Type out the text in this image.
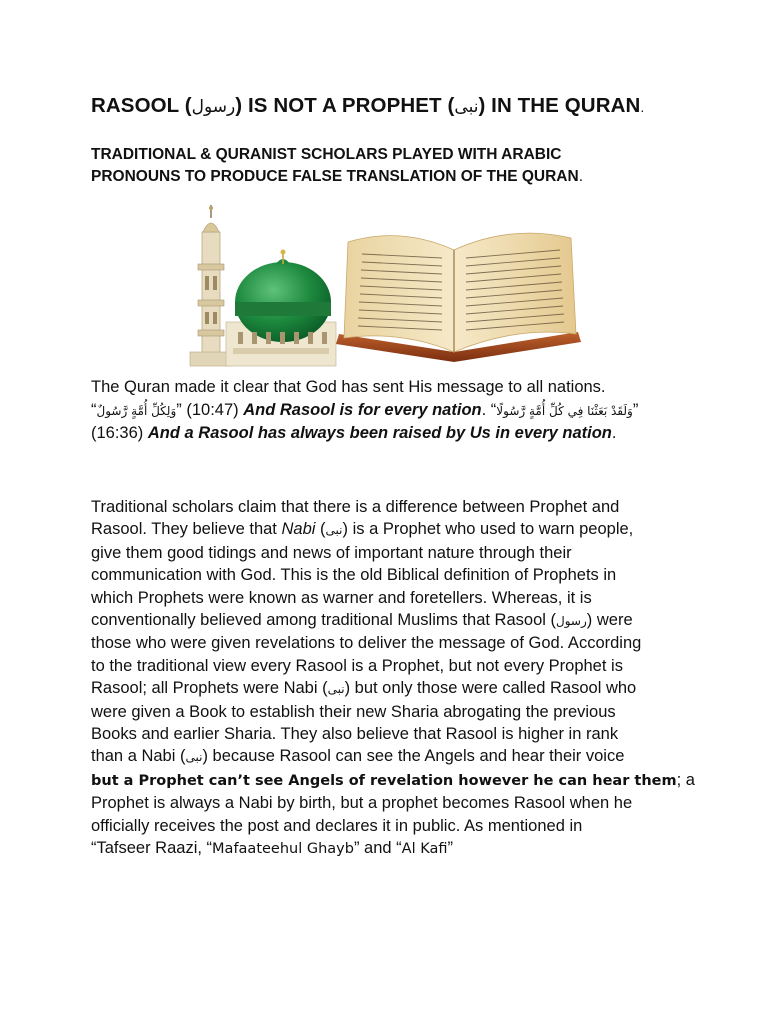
RASOOL (رسول) IS NOT A PROPHET (نبی) IN THE QURAN.
TRADITIONAL & QURANIST SCHOLARS PLAYED WITH ARABIC
PRONOUNS TO PRODUCE FALSE TRANSLATION OF THE QURAN.
The Quran made it clear that God has sent His message to all nations.
“وَلِكُلِّ أُمَّةٍ رَّسُولٌ” (10:47) And Rasool is for every nation. “وَلَقَدْ بَعَثْنَا فِي كُلِّ أُمَّةٍ رَّسُولًا”
(16:36) And a Rasool has always been raised by Us in every nation.
Traditional scholars claim that there is a difference between Prophet and
Rasool. They believe that Nabi (نبی) is a Prophet who used to warn people,
give them good tidings and news of important nature through their
communication with God. This is the old Biblical definition of Prophets in
which Prophets were known as warner and foretellers. Whereas, it is
conventionally believed among traditional Muslims that Rasool (رسول) were
those who were given revelations to deliver the message of God. According
to the traditional view every Rasool is a Prophet, but not every Prophet is
Rasool; all Prophets were Nabi (نبی) but only those were called Rasool who
were given a Book to establish their new Sharia abrogating the previous
Books and earlier Sharia. They also believe that Rasool is higher in rank
than a Nabi (نبی) because Rasool can see the Angels and hear their voice
but a Prophet can’t see Angels of revelation however he can hear them; a
Prophet is always a Nabi by birth, but a prophet becomes Rasool when he
officially receives the post and declares it in public. As mentioned in
“Tafseer Raazi, “Mafaateehul Ghayb” and “Al Kafi”
